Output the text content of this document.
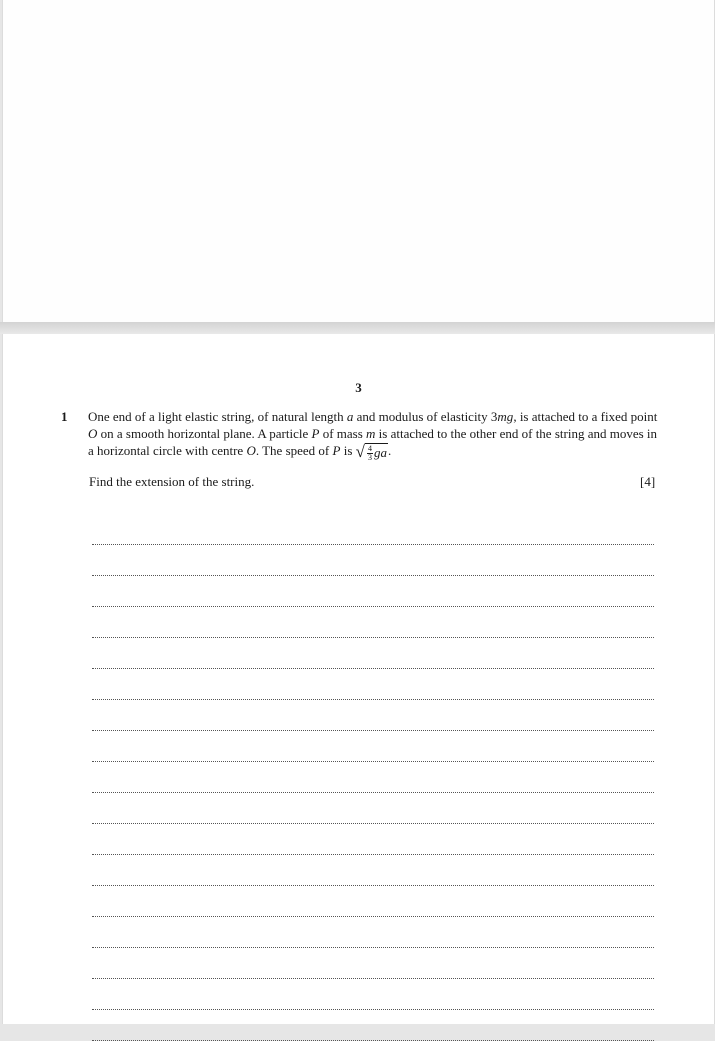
3
1 One end of a light elastic string, of natural length a and modulus of elasticity 3mg, is attached to a fixed point O on a smooth horizontal plane. A particle P of mass m is attached to the other end of the string and moves in a horizontal circle with centre O. The speed of P is √ $\frac{4}{3}$ ga .
Find the extension of the string.	[4]
